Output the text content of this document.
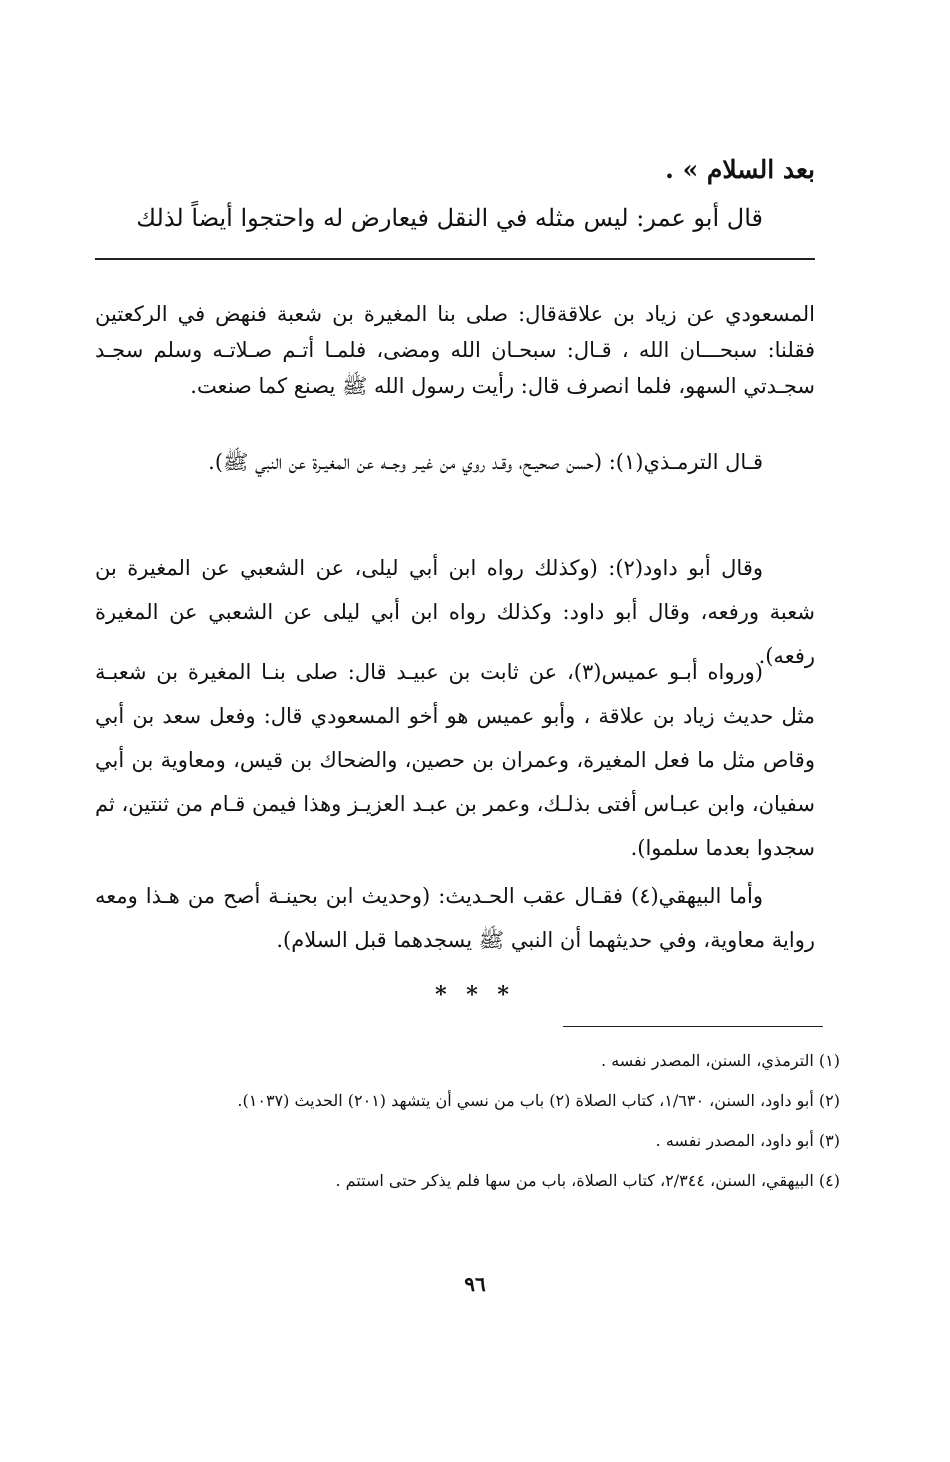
بعد السلام » .

قال أبو عمر: ليس مثله في النقل فيعارض له واحتجوا أيضاً لذلك

المسعودي عن زياد بن علاقةقال: صلى بنا المغيرة بن شعبة فنهض في الركعتين فقلنا: سبحـــان الله ، قـال: سبحـان الله ومضى، فلمـا أتـم صـلاتـه وسلم سجـد سجـدتي السهو، فلما انصرف قال: رأيت رسول الله ﷺ يصنع كما صنعت.

قـال الترمـذي(١): (حسن صحيـح، وقـد روي من غيـر وجــه عن المغيـرة عن النبي ﷺ).

وقال أبو داود(٢): (وكذلك رواه ابن أبي ليلى، عن الشعبي عن المغيرة بن شعبة ورفعه، وقال أبو داود: وكذلك رواه ابن أبي ليلى عن الشعبي عن المغيرة رفعه).

(ورواه أبـو عميس(٣)، عن ثابت بن عبيـد قال: صلى بنـا المغيرة بن شعبـة مثل حديث زياد بن علاقة ، وأبو عميس هو أخو المسعودي قال: وفعل سعد بن أبي وقاص مثل ما فعل المغيرة، وعمران بن حصين، والضحاك بن قيس، ومعاوية بن أبي سفيان، وابن عبـاس أفتى بذلـك، وعمر بن عبـد العزيـز وهذا فيمن قـام من ثنتين، ثم سجدوا بعدما سلموا).

وأما البيهقي(٤) فقـال عقب الحـديث: (وحديث ابن بحينـة أصح من هـذا ومعه رواية معاوية، وفي حديثهما أن النبي ﷺ يسجدهما قبل السلام).

* * *

(١) الترمذي، السنن، المصدر نفسه .

(٢) أبو داود، السنن، ١/٦٣٠، كتاب الصلاة (٢) باب من نسي أن يتشهد (٢٠١) الحديث (١٠٣٧).

(٣) أبو داود، المصدر نفسه .

(٤) البيهقي، السنن، ٢/٣٤٤، كتاب الصلاة، باب من سها فلم يذكر حتى استتم .

٩٦
